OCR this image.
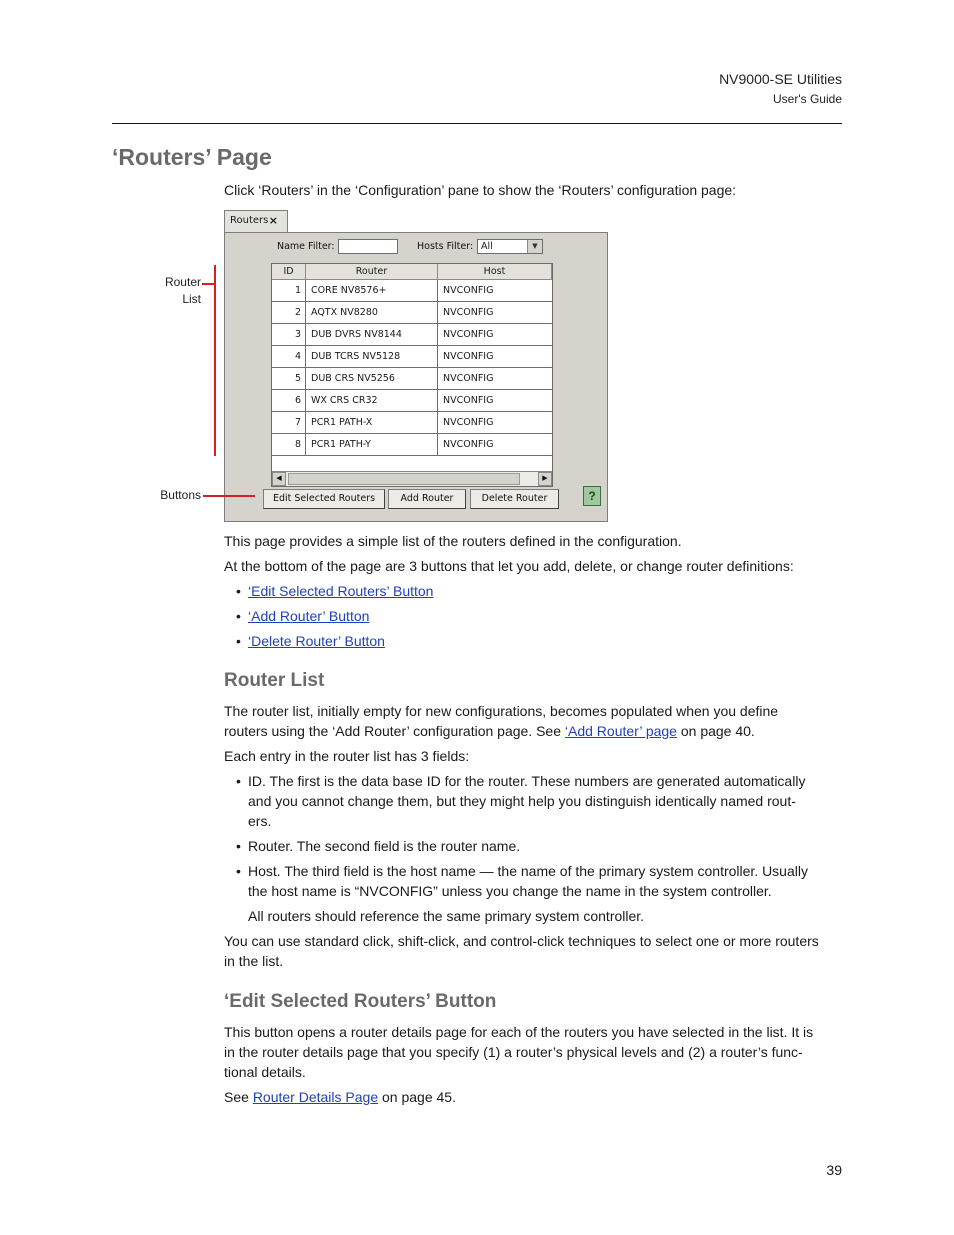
NV9000-SE Utilities
User's Guide
‘Routers’ Page

Click ‘Routers’ in the ‘Configuration’ pane to show the ‘Routers’ configuration page:

Routers ×
Name Filter:	Hosts Filter: All	▼
ID	Router	Host
1	CORE NV8576+	NVCONFIG
2	AQTX NV8280	NVCONFIG
3	DUB DVRS NV8144	NVCONFIG
4	DUB TCRS NV5128	NVCONFIG
5	DUB CRS NV5256	NVCONFIG
6	WX CRS CR32	NVCONFIG
7	PCR1 PATH-X	NVCONFIG
8	PCR1 PATH-Y	NVCONFIG
◀	▶
Edit Selected Routers	Add Router	Delete Router	?
Router
List
Buttons

This page provides a simple list of the routers defined in the configuration.

At the bottom of the page are 3 buttons that let you add, delete, or change router definitions:

• ‘Edit Selected Routers’ Button
• ‘Add Router’ Button
• ‘Delete Router’ Button
Router List

The router list, initially empty for new configurations, becomes populated when you define
routers using the ‘Add Router’ configuration page. See ‘Add Router’ page on page 40.

Each entry in the router list has 3 fields:

• ID. The first is the data base ID for the router. These numbers are generated automatically
and you cannot change them, but they might help you distinguish identically named rout-
ers.
• Router. The second field is the router name.
• Host. The third field is the host name — the name of the primary system controller. Usually
the host name is “NVCONFIG” unless you change the name in the system controller.
All routers should reference the same primary system controller.

You can use standard click, shift-click, and control-click techniques to select one or more routers
in the list.

‘Edit Selected Routers’ Button

This button opens a router details page for each of the routers you have selected in the list. It is
in the router details page that you specify (1) a router’s physical levels and (2) a router’s func-
tional details.

See Router Details Page on page 45.

39
